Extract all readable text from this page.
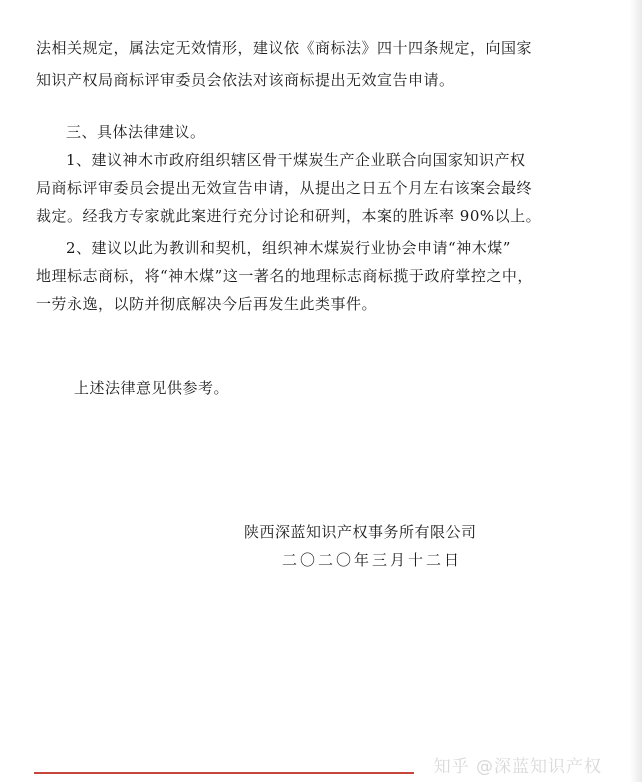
法相关规定，属法定无效情形，建议依《商标法》四十四条规定，向国家
知识产权局商标评审委员会依法对该商标提出无效宣告申请。
三、具体法律建议。
1、建议神木市政府组织辖区骨干煤炭生产企业联合向国家知识产权
局商标评审委员会提出无效宣告申请，从提出之日五个月左右该案会最终
裁定。经我方专家就此案进行充分讨论和研判，本案的胜诉率 90%以上。
2、建议以此为教训和契机，组织神木煤炭行业协会申请“神木煤”
地理标志商标，将“神木煤”这一著名的地理标志商标揽于政府掌控之中，
一劳永逸，以防并彻底解决今后再发生此类事件。
上述法律意见供参考。
陕西深蓝知识产权事务所有限公司
二〇二〇年三月十二日
知乎 @深蓝知识产权
